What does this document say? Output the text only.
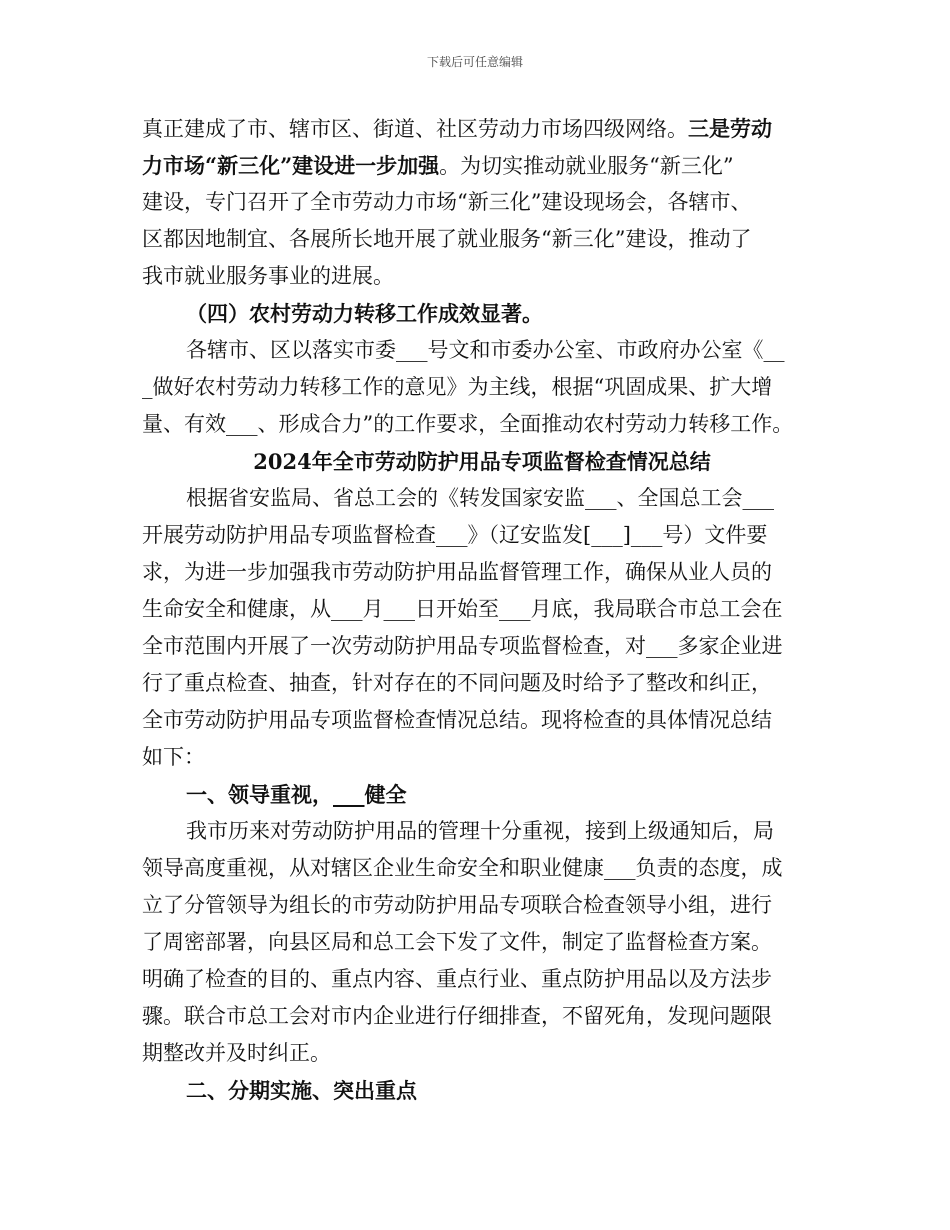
下载后可任意编辑
真正建成了市、辖市区、街道、社区劳动力市场四级网络。三是劳动
力市场“新三化”建设进一步加强。为切实推动就业服务“新三化”
建设，专门召开了全市劳动力市场“新三化”建设现场会，各辖市、
区都因地制宜、各展所长地开展了就业服务“新三化”建设，推动了
我市就业服务事业的进展。
（四）农村劳动力转移工作成效显著。
各辖市、区以落实市委___号文和市委办公室、市政府办公室《__
_做好农村劳动力转移工作的意见》为主线，根据“巩固成果、扩大增
量、有效___、形成合力”的工作要求，全面推动农村劳动力转移工作。
2024年全市劳动防护用品专项监督检查情况总结
根据省安监局、省总工会的《转发国家安监___、全国总工会___
开展劳动防护用品专项监督检查___》（辽安监发[___]___号）文件要
求，为进一步加强我市劳动防护用品监督管理工作，确保从业人员的
生命安全和健康，从___月___日开始至___月底，我局联合市总工会在
全市范围内开展了一次劳动防护用品专项监督检查，对___多家企业进
行了重点检查、抽查，针对存在的不同问题及时给予了整改和纠正，
全市劳动防护用品专项监督检查情况总结。现将检查的具体情况总结
如下：
一、领导重视，___健全
我市历来对劳动防护用品的管理十分重视，接到上级通知后，局
领导高度重视，从对辖区企业生命安全和职业健康___负责的态度，成
立了分管领导为组长的市劳动防护用品专项联合检查领导小组，进行
了周密部署，向县区局和总工会下发了文件，制定了监督检查方案。
明确了检查的目的、重点内容、重点行业、重点防护用品以及方法步
骤。联合市总工会对市内企业进行仔细排查，不留死角，发现问题限
期整改并及时纠正。
二、分期实施、突出重点
